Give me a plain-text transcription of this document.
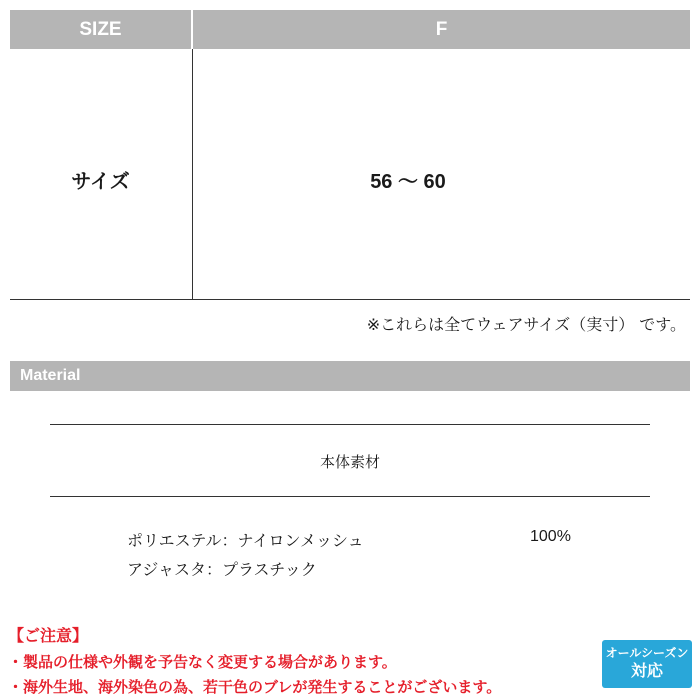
SIZE	F
サイズ	56 〜 60
※これらは全てウェアサイズ（実寸） です。
Material
本体素材
ポリエステル：ナイロンメッシュ	100%
アジャスタ：プラスチック
【ご注意】
・製品の仕様や外観を予告なく変更する場合があります。
・海外生地、海外染色の為、若干色のブレが発生することがございます。
オールシーズン
対応
